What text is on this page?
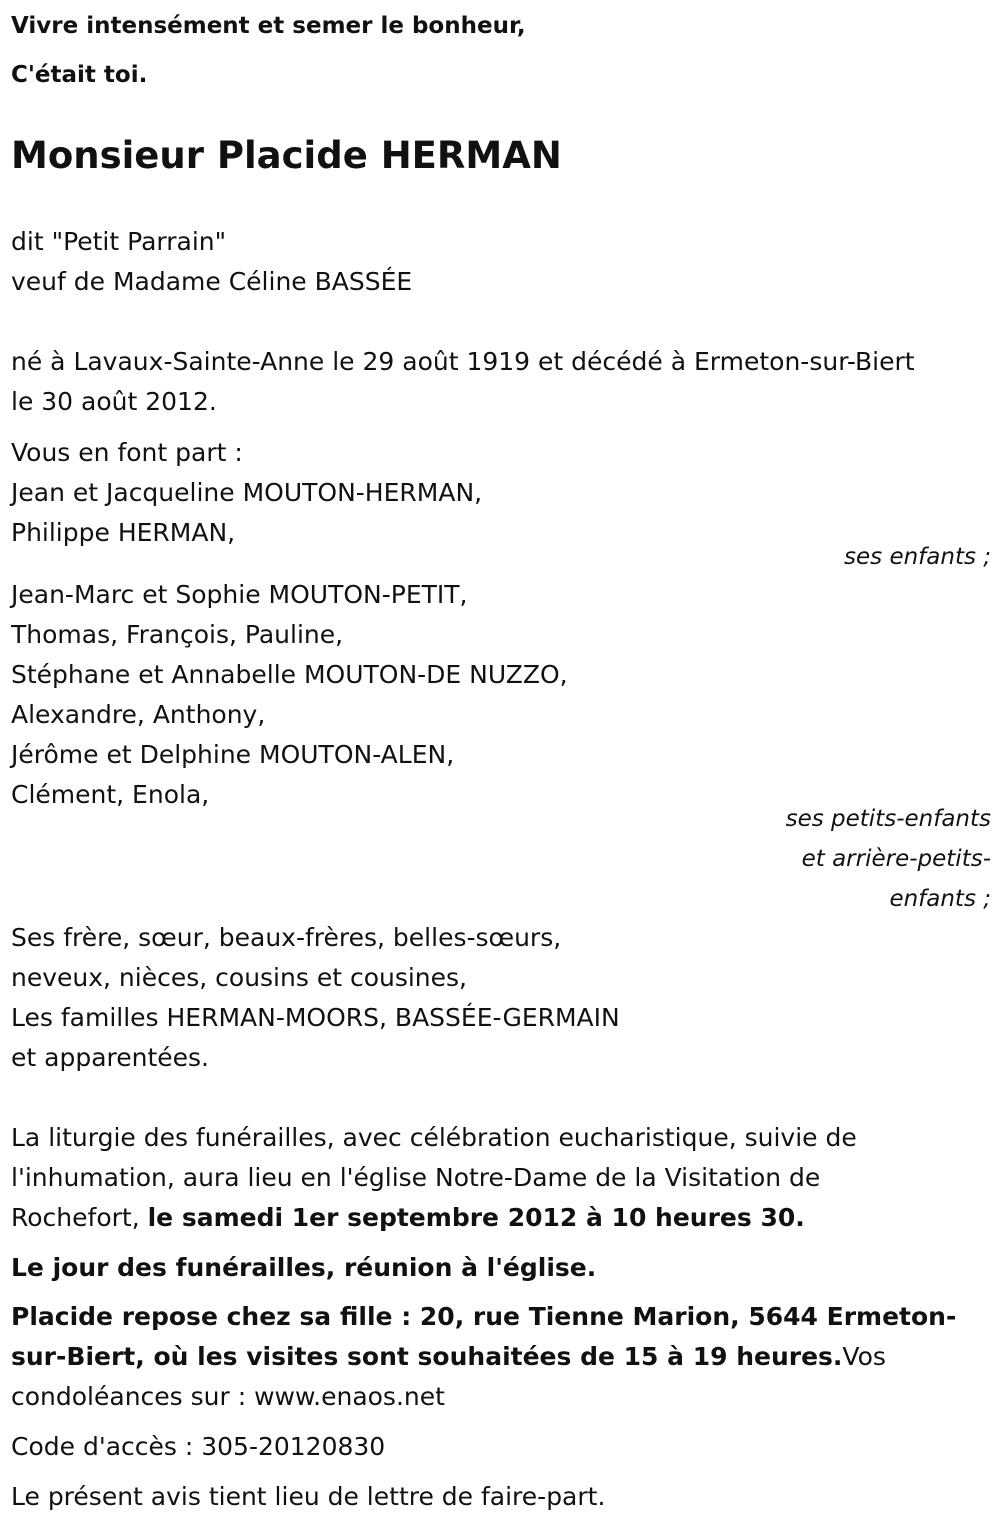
Vivre intensément et semer le bonheur,
C'était toi.
Monsieur Placide HERMAN
dit "Petit Parrain"
veuf de Madame Céline BASSÉE
né à Lavaux-Sainte-Anne le 29 août 1919 et décédé à Ermeton-sur-Biert
le 30 août 2012.
Vous en font part :
Jean et Jacqueline MOUTON-HERMAN,
Philippe HERMAN,
ses enfants ;
Jean-Marc et Sophie MOUTON-PETIT,
Thomas, François, Pauline,
Stéphane et Annabelle MOUTON-DE NUZZO,
Alexandre, Anthony,
Jérôme et Delphine MOUTON-ALEN,
Clément, Enola,
ses petits-enfants
et arrière-petits-
enfants ;
Ses frère, sœur, beaux-frères, belles-sœurs,
neveux, nièces, cousins et cousines,
Les familles HERMAN-MOORS, BASSÉE-GERMAIN
et apparentées.
La liturgie des funérailles, avec célébration eucharistique, suivie de
l'inhumation, aura lieu en l'église Notre-Dame de la Visitation de
Rochefort, le samedi 1er septembre 2012 à 10 heures 30.
Le jour des funérailles, réunion à l'église.
Placide repose chez sa fille : 20, rue Tienne Marion, 5644 Ermeton-
sur-Biert, où les visites sont souhaitées de 15 à 19 heures.Vos
condoléances sur : www.enaos.net
Code d'accès : 305-20120830
Le présent avis tient lieu de lettre de faire-part.
